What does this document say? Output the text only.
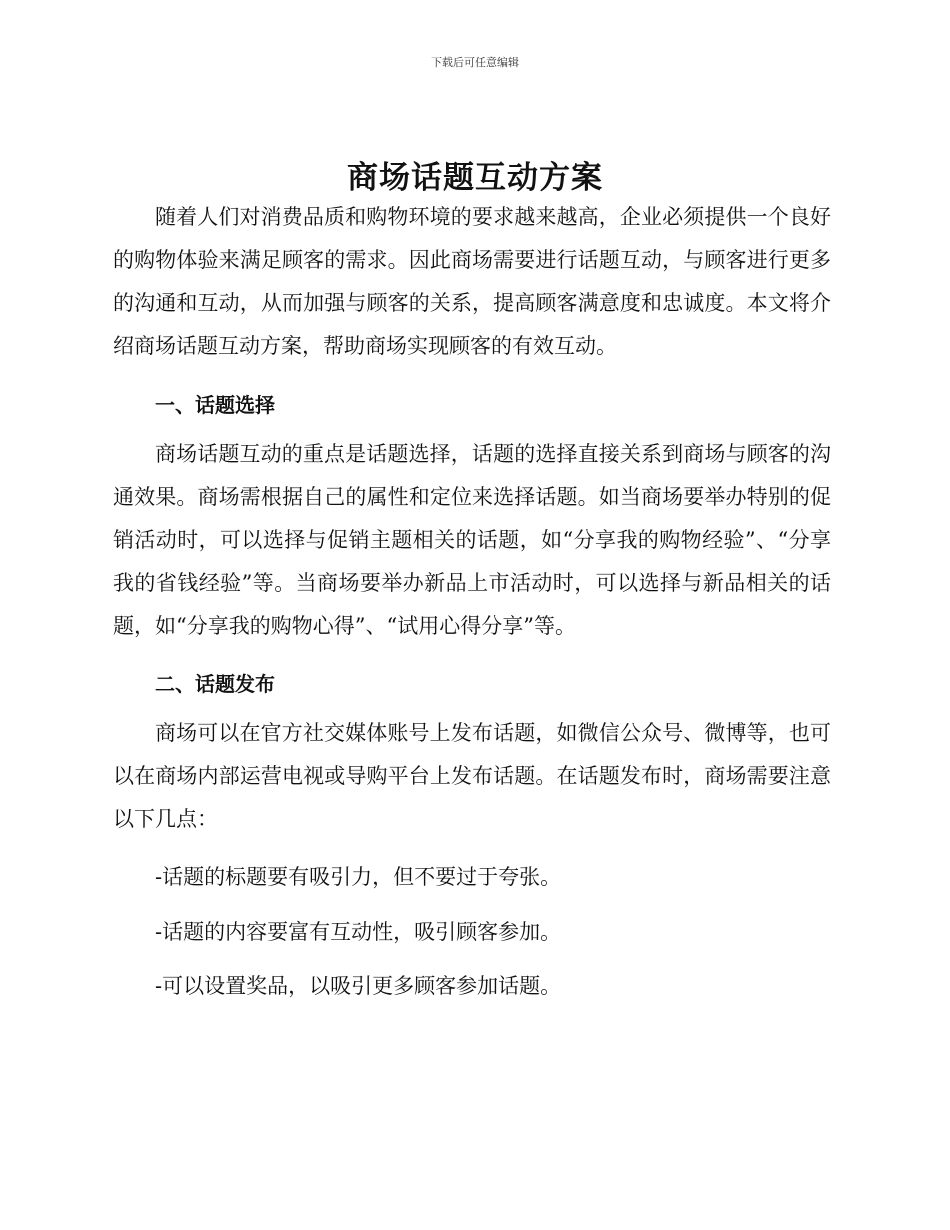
下载后可任意编辑
商场话题互动方案

随着人们对消费品质和购物环境的要求越来越高，企业必须提供一个良好的购物体验来满足顾客的需求。因此商场需要进行话题互动，与顾客进行更多的沟通和互动，从而加强与顾客的关系，提高顾客满意度和忠诚度。本文将介绍商场话题互动方案，帮助商场实现顾客的有效互动。

一、话题选择

商场话题互动的重点是话题选择，话题的选择直接关系到商场与顾客的沟通效果。商场需根据自己的属性和定位来选择话题。如当商场要举办特别的促销活动时，可以选择与促销主题相关的话题，如“分享我的购物经验”、“分享我的省钱经验”等。当商场要举办新品上市活动时，可以选择与新品相关的话题，如“分享我的购物心得”、“试用心得分享”等。

二、话题发布

商场可以在官方社交媒体账号上发布话题，如微信公众号、微博等，也可以在商场内部运营电视或导购平台上发布话题。在话题发布时，商场需要注意以下几点：

-话题的标题要有吸引力，但不要过于夸张。

-话题的内容要富有互动性，吸引顾客参加。

-可以设置奖品，以吸引更多顾客参加话题。
